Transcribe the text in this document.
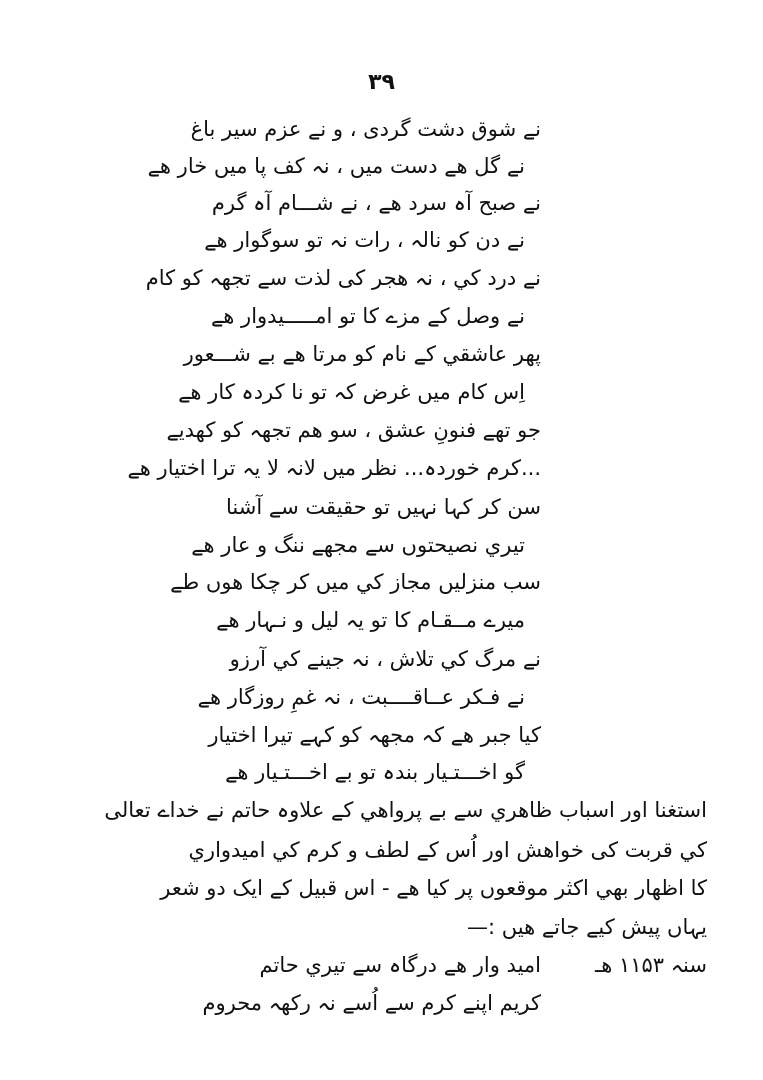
۳۹
نے شوق دشت گردی ، و نے عزم سیر باغ
نے گل ھے دست میں ، نہ کف پا میں خار ھے
نے صبح آہ سرد ھے ، نے شـــام آہ گرم
نے دن کو نالہ ، رات نہ تو سوگوار ھے
نے درد کي ، نہ هجر کی لذت سے تجھہ کو کام
نے وصل کے مزے کا تو امـــــیدوار ھے
پھر عاشقي کے نام کو مرتا ھے بے شـــعور
اِس کام میں غرض کہ تو نا کردہ کار ھے
جو تھے فنونِ عشق ، سو هم تجھہ کو کھدیے
...کرم خوردہ... نظر میں لانہ لا یہ ترا اختیار ھے
سن کر کہا نہیں تو حقیقت سے آشنا
تیري نصیحتوں سے مجھے ننگ و عار ھے
سب منزلیں مجاز کي میں کر چکا هوں طے
میرے مــقـام کا تو یہ لیل و نـہار ھے
نے مرگ کي تلاش ، نہ جینے کي آرزو
نے فـکر عــاقــــبت ، نہ غمِ روزگار ھے
کیا جبر ھے کہ مجھہ کو کہے تیرا اختیار
گو اخـــتـیار بندہ تو بے اخـــتـیار ھے
استغنا اور اسباب ظاهري سے بے پرواهي کے علاوہ حاتم نے خداے تعالی
کي قربت کی خواهش اور اُس کے لطف و کرم کي امیدواري
کا اظهار بهي اکثر موقعوں پر کیا ھے - اس قبیل کے ایک دو شعر
یہاں پیش کیے جاتے هیں :—
سنہ ۱۱۵۳ ھـ
امید وار ھے درگاہ سے تیري حاتم
کریم اپنے کرم سے اُسے نہ رکھہ محروم
